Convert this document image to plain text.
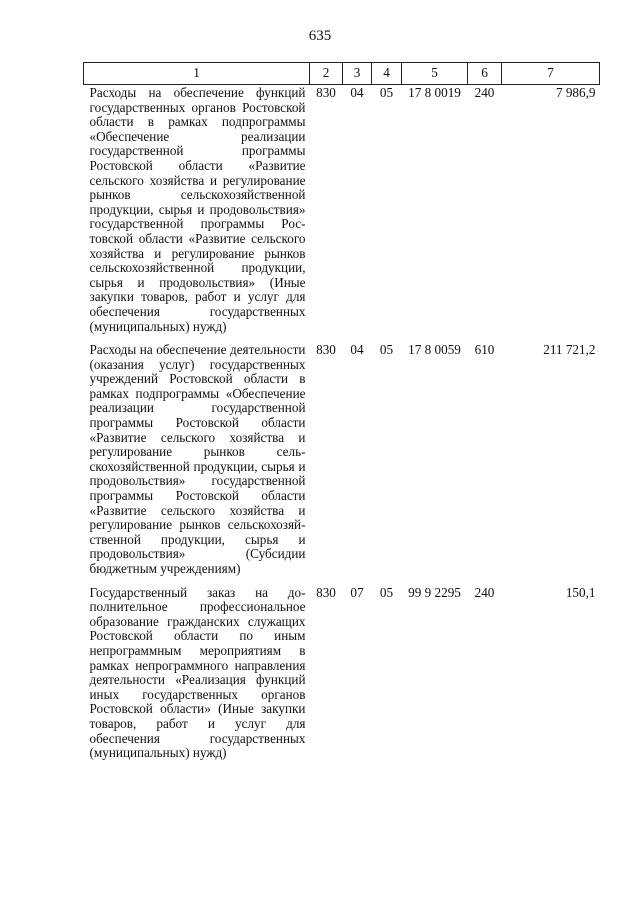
635
1	2	3	4	5	6	7
Расходы на обеспечение функций государственных органов Ростовской области в рамках подпрограммы «Обеспечение реализации государственной программы Ростовской области «Развитие сельского хозяйства и регулирование рынков сельскохозяйственной продукции, сырья и продовольствия» государственной программы Ростовской области «Развитие сельского хозяйства и регулирование рынков сельскохозяйственной продукции, сырья и продовольствия» (Иные закупки товаров, работ и услуг для обеспечения государственных (муниципальных) нужд)	830	04	05	17 8 0019	240	7 986,9
Расходы на обеспечение деятельности (оказания услуг) государственных учреждений Ростовской области в рамках подпрограммы «Обеспечение реализации государственной программы Ростовской области «Развитие сельского хозяйства и регулирование рынков сельскохозяйственной продукции, сырья и продовольствия» государственной программы Ростовской области «Развитие сельского хозяйства и регулирование рынков сельскохозяйственной продукции, сырья и продовольствия» (Субсидии бюджетным учреждениям)	830	04	05	17 8 0059	610	211 721,2
Государственный заказ на дополнительное профессиональное образование гражданских служащих Ростовской области по иным непрограммным мероприятиям в рамках непрограммного направления деятельности «Реализация функций иных государственных органов Ростовской области» (Иные закупки товаров, работ и услуг для обеспечения государственных (муниципальных) нужд)	830	07	05	99 9 2295	240	150,1
